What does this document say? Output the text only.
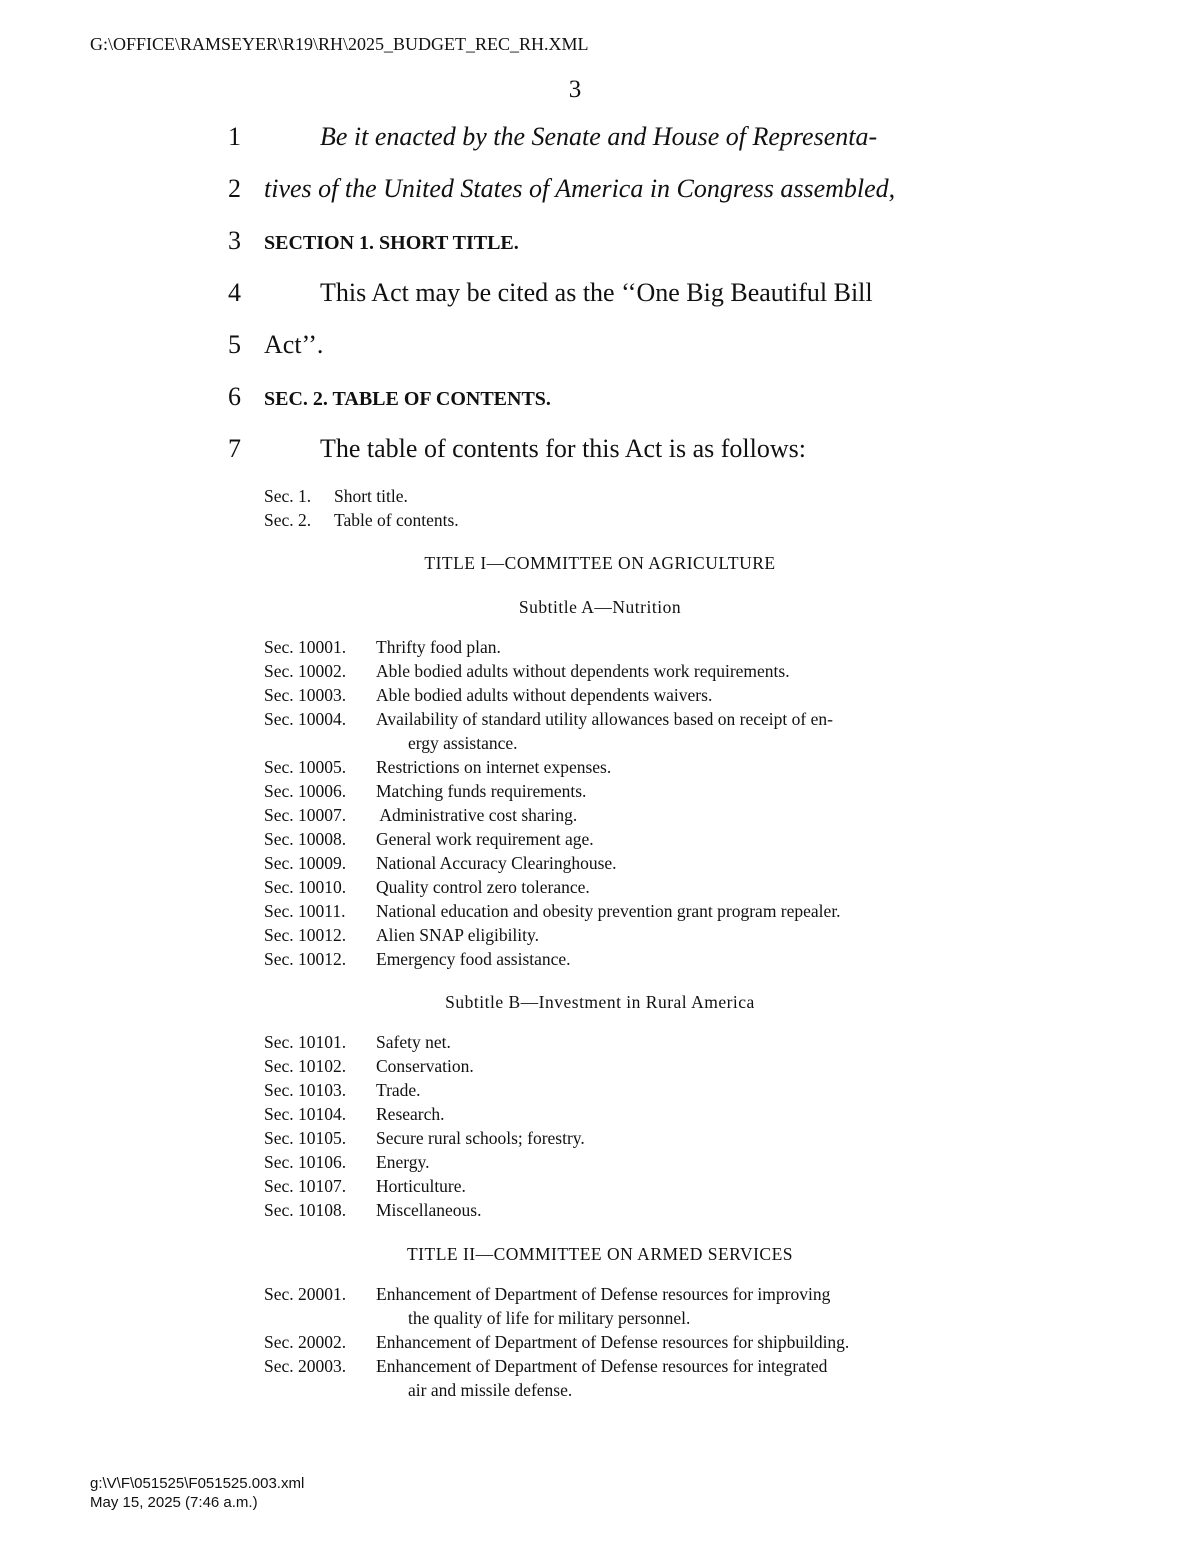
G:\OFFICE\RAMSEYER\R19\RH\2025_BUDGET_REC_RH.XML
3
1	Be it enacted by the Senate and House of Representa-
2 tives of the United States of America in Congress assembled,
3	SECTION 1. SHORT TITLE.
4	This Act may be cited as the ‘‘One Big Beautiful Bill
5 Act’’.
6	SEC. 2. TABLE OF CONTENTS.
7	The table of contents for this Act is as follows:
Sec. 1.	Short title.
Sec. 2.	Table of contents.
TITLE I—COMMITTEE ON AGRICULTURE
Subtitle A—Nutrition
Sec. 10001.	Thrifty food plan.
Sec. 10002.	Able bodied adults without dependents work requirements.
Sec. 10003.	Able bodied adults without dependents waivers.
Sec. 10004.	Availability of standard utility allowances based on receipt of en-
ergy assistance.
Sec. 10005.	Restrictions on internet expenses.
Sec. 10006.	Matching funds requirements.
Sec. 10007.	Administrative cost sharing.
Sec. 10008.	General work requirement age.
Sec. 10009.	National Accuracy Clearinghouse.
Sec. 10010.	Quality control zero tolerance.
Sec. 10011.	National education and obesity prevention grant program repealer.
Sec. 10012.	Alien SNAP eligibility.
Sec. 10012.	Emergency food assistance.
Subtitle B—Investment in Rural America
Sec. 10101.	Safety net.
Sec. 10102.	Conservation.
Sec. 10103.	Trade.
Sec. 10104.	Research.
Sec. 10105.	Secure rural schools; forestry.
Sec. 10106.	Energy.
Sec. 10107.	Horticulture.
Sec. 10108.	Miscellaneous.
TITLE II—COMMITTEE ON ARMED SERVICES
Sec. 20001.	Enhancement of Department of Defense resources for improving
the quality of life for military personnel.
Sec. 20002.	Enhancement of Department of Defense resources for shipbuilding.
Sec. 20003.	Enhancement of Department of Defense resources for integrated
air and missile defense.
g:\V\F\051525\F051525.003.xml
May 15, 2025 (7:46 a.m.)
